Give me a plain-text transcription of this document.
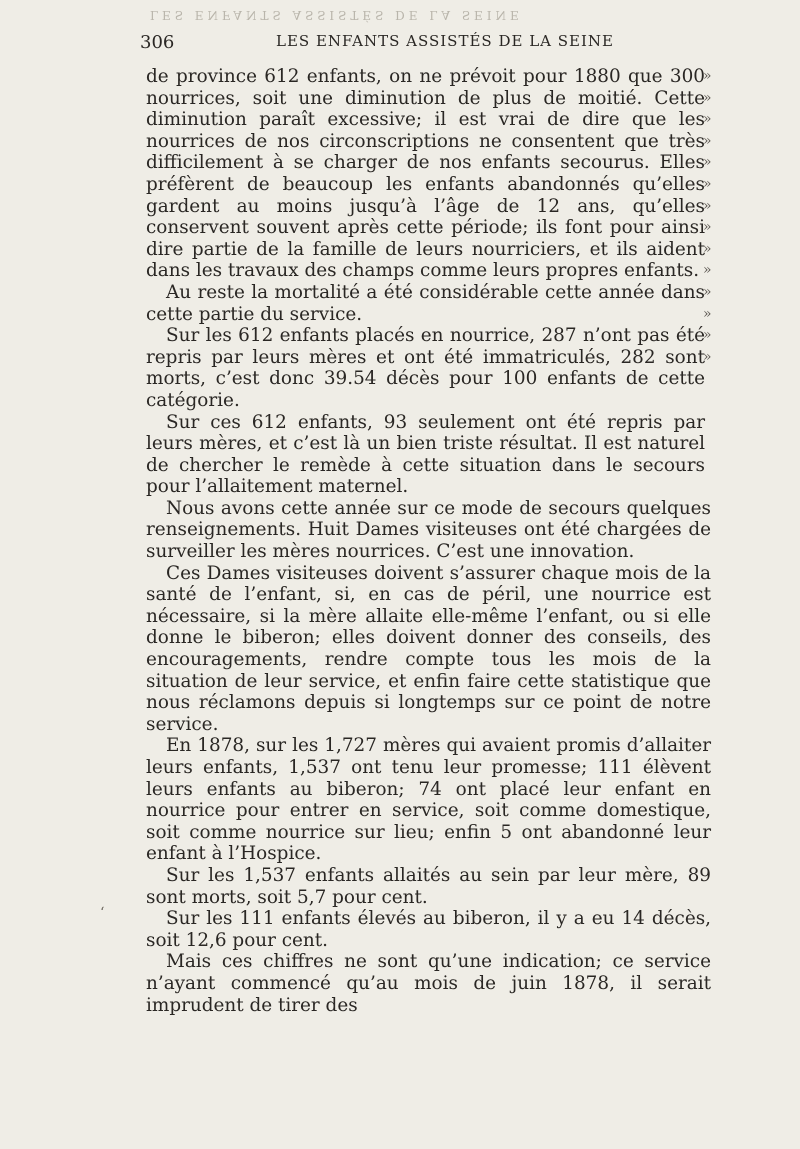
LES ENFANTS ASSISTÉS DE LA SEINE
306	LES ENFANTS ASSISTÉS DE LA SEINE
»
»
»
»
»
»
»
»
»
»
»
»
»
»

de province 612 enfants, on ne prévoit pour 1880 que 300 nourrices, soit une diminution de plus de moitié. Cette diminution paraît excessive; il est vrai de dire que les nourrices de nos circonscriptions ne consentent que très difficilement à se charger de nos enfants secourus. Elles préfèrent de beaucoup les enfants abandonnés qu’elles gardent au moins jusqu’à l’âge de 12 ans, qu’elles conservent souvent après cette période; ils font pour ainsi dire partie de la famille de leurs nourriciers, et ils aident dans les travaux des champs comme leurs propres enfants.

Au reste la mortalité a été considérable cette année dans cette partie du service.

Sur les 612 enfants placés en nourrice, 287 n’ont pas été repris par leurs mères et ont été immatriculés, 282 sont morts, c’est donc 39.54 décès pour 100 enfants de cette catégorie.

Sur ces 612 enfants, 93 seulement ont été repris par leurs mères, et c’est là un bien triste résultat. Il est naturel de chercher le remède à cette situation dans le secours pour l’allaitement maternel.

Nous avons cette année sur ce mode de secours quelques renseignements. Huit Dames visiteuses ont été chargées de surveiller les mères nourrices. C’est une innovation.

Ces Dames visiteuses doivent s’assurer chaque mois de la santé de l’enfant, si, en cas de péril, une nourrice est nécessaire, si la mère allaite elle-même l’enfant, ou si elle donne le biberon; elles doivent donner des conseils, des encouragements, rendre compte tous les mois de la situation de leur service, et enfin faire cette statistique que nous réclamons depuis si longtemps sur ce point de notre service.

En 1878, sur les 1,727 mères qui avaient promis d’allaiter leurs enfants, 1,537 ont tenu leur promesse; 111 élèvent leurs enfants au biberon; 74 ont placé leur enfant en nourrice pour entrer en service, soit comme domestique, soit comme nourrice sur lieu; enfin 5 ont abandonné leur enfant à l’Hospice.

Sur les 1,537 enfants allaités au sein par leur mère, 89 sont morts, soit 5,7 pour cent.

Sur les 111 enfants élevés au biberon, il y a eu 14 décès, soit 12,6 pour cent.

Mais ces chiffres ne sont qu’une indication; ce service n’ayant commencé qu’au mois de juin 1878, il serait imprudent de tirer des

‘
